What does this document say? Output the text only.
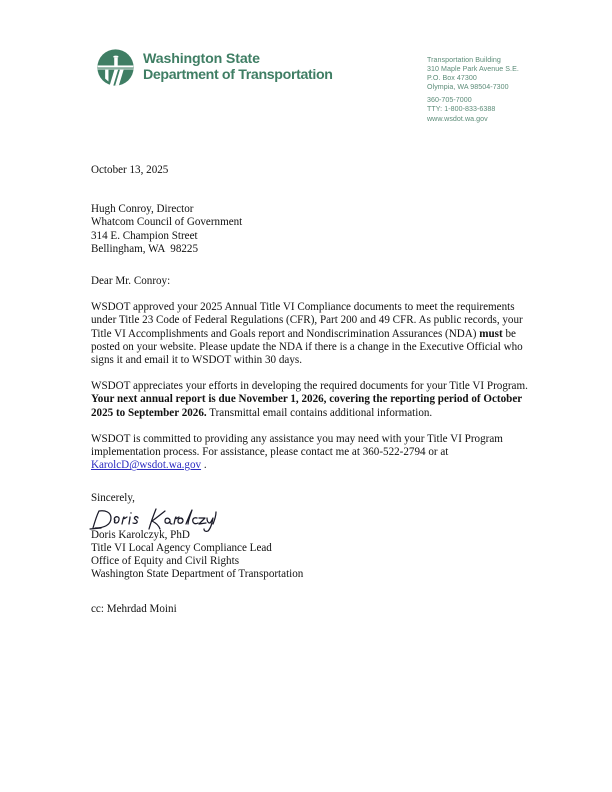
Washington State
Department of Transportation
Transportation Building
310 Maple Park Avenue S.E.
P.O. Box 47300
Olympia, WA 98504-7300
360-705-7000
TTY: 1-800-833-6388
www.wsdot.wa.gov
October 13, 2025
Hugh Conroy, Director
Whatcom Council of Government
314 E. Champion Street
Bellingham, WA  98225
Dear Mr. Conroy:

WSDOT approved your 2025 Annual Title VI Compliance documents to meet the requirements under Title 23 Code of Federal Regulations (CFR), Part 200 and 49 CFR. As public records, your Title VI Accomplishments and Goals report and Nondiscrimination Assurances (NDA) must be posted on your website. Please update the NDA if there is a change in the Executive Official who signs it and email it to WSDOT within 30 days.

WSDOT appreciates your efforts in developing the required documents for your Title VI Program. Your next annual report is due November 1, 2026, covering the reporting period of October 2025 to September 2026. Transmittal email contains additional information.

WSDOT is committed to providing any assistance you may need with your Title VI Program implementation process. For assistance, please contact me at 360-522-2794 or at KarolcD@wsdot.wa.gov .

Sincerely,
Doris Karolczyk, PhD
Title VI Local Agency Compliance Lead
Office of Equity and Civil Rights
Washington State Department of Transportation
cc: Mehrdad Moini
